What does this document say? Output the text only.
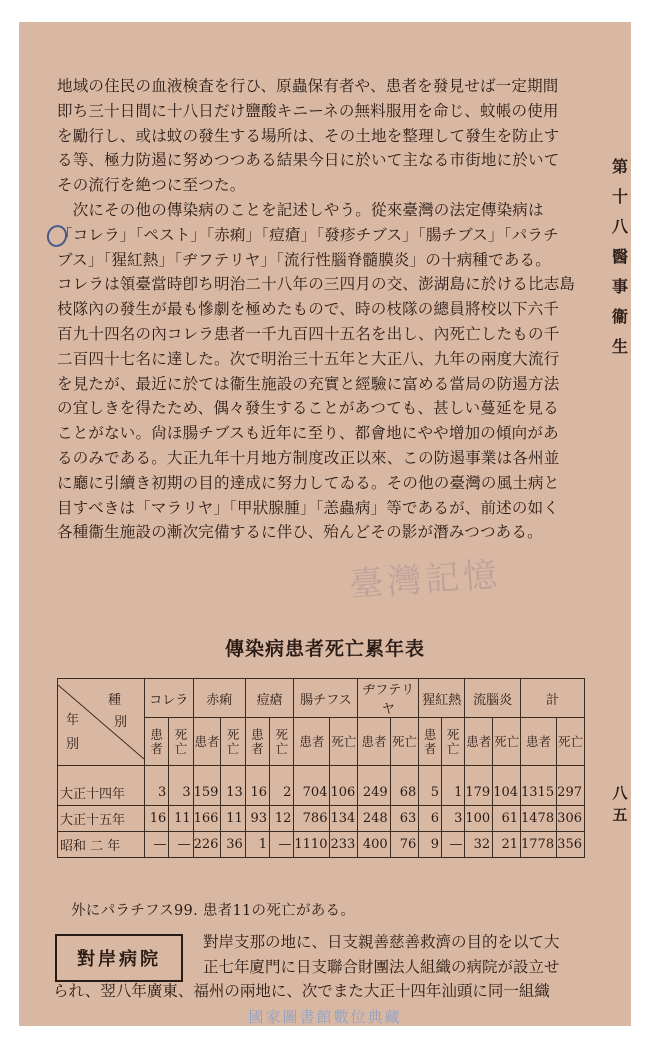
地域の住民の血液検査を行ひ、原蟲保有者や、患者を發見せば一定期間

即ち三十日間に十八日だけ鹽酸キニーネの無料服用を命じ、蚊帳の使用

を勵行し、或は蚊の發生する場所は、その土地を整理して發生を防止す

る等、極力防遏に努めつつある結果今日に於いて主なる市街地に於いて

その流行を絶つに至つた。

　次にその他の傳染病のことを記述しやう。從來臺灣の法定傳染病は

「コレラ」「ペスト」「赤痢」「痘瘡」「發疹チブス」「腸チブス」「パラチ

ブス」「猩紅熱」「ヂフテリヤ」「流行性腦脊髓膜炎」の十病種である。

コレラは領臺當時卽ち明治二十八年の三四月の交、澎湖島に於ける比志島

枝隊內の發生が最も慘劇を極めたもので、時の枝隊の總員將校以下六千

百九十四名の內コレラ患者一千九百四十五名を出し、內死亡したもの千

二百四十七名に達した。次で明治三十五年と大正八、九年の兩度大流行

を見たが、最近に於ては衞生施設の充實と經驗に富める當局の防遏方法

の宜しきを得たため、偶々發生することがあつても、甚しい蔓延を見る

ことがない。尙ほ腸チブスも近年に至り、都會地にやや增加の傾向があ

るのみである。大正九年十月地方制度改正以來、この防遏事業は各州並

に廳に引續き初期の目的達成に努力してゐる。その他の臺灣の風土病と

目すべきは「マラリヤ」「甲狀腺腫」「恙蟲病」等であるが、前述の如く

各種衞生施設の漸次完備するに伴ひ、殆んどその影が潛みつつある。

第
十
八
醫
事
衞
生
八
五
臺灣記憶
傳染病患者死亡累年表
種
別
年
別	コレラ		赤痢		痘瘡		腸チフス		ヂフテリヤ		猩紅熱		流腦炎		計	
	患者	死亡	患者	死亡	患者	死亡	患者	死亡	患者	死亡	患者	死亡	患者	死亡	患者	死亡
大正十四年	3	3	159	13	16	2	704	106	249	68	5	1	179	104	1315	297
大正十五年	16	11	166	11	93	12	786	134	248	63	6	3	100	61	1478	306
昭和 二 年	—	—	226	36	1	—	1110	233	400	76	9	—	32	21	1778	356
外にパラチフス99. 患者11の死亡がある。
對岸病院

對岸支那の地に、日支親善慈善救濟の目的を以て大

正七年廈門に日支聯合財團法人組織の病院が設立せ

られ、翌八年廣東、福州の兩地に、次でまた大正十四年汕頭に同一組織

國家圖書館數位典藏
